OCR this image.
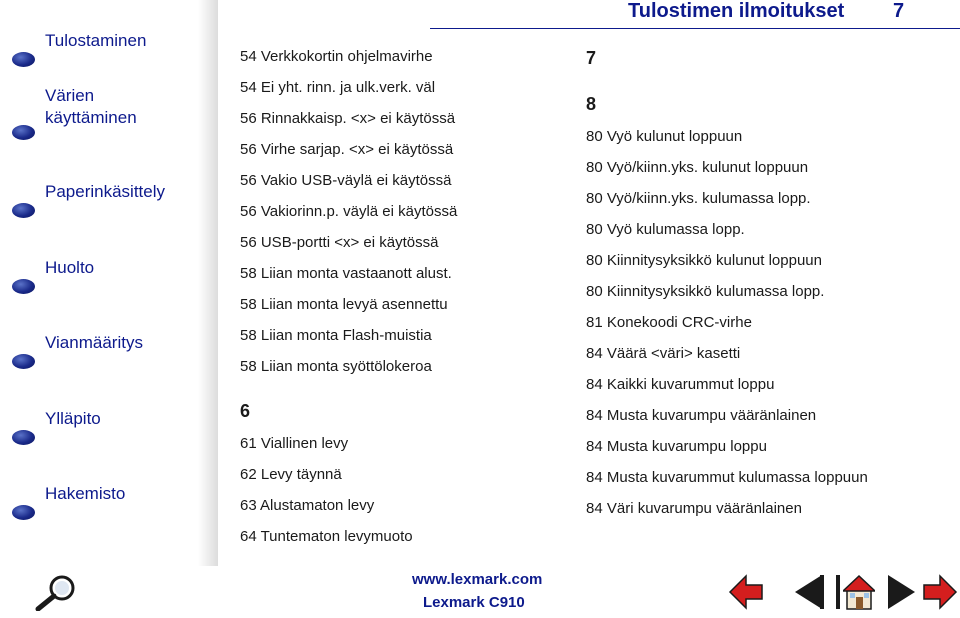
Tulostaminen
Värien
käyttäminen
Paperinkäsittely
Huolto
Vianmääritys
Ylläpito
Hakemisto
Tulostimen ilmoitukset 7
54 Verkkokortin ohjelmavirhe
54 Ei yht. rinn. ja ulk.verk. väl
56 Rinnakkaisp. <x> ei käytössä
56 Virhe sarjap. <x> ei käytössä
56 Vakio USB-väylä ei käytössä
56 Vakiorinn.p. väylä ei käytössä
56 USB-portti <x> ei käytössä
58 Liian monta vastaanott alust.
58 Liian monta levyä asennettu
58 Liian monta Flash-muistia
58 Liian monta syöttölokeroa
6
61 Viallinen levy
62 Levy täynnä
63 Alustamaton levy
64 Tuntematon levymuoto
7
8
80 Vyö kulunut loppuun
80 Vyö/kiinn.yks. kulunut loppuun
80 Vyö/kiinn.yks. kulumassa lopp.
80 Vyö kulumassa lopp.
80 Kiinnitysyksikkö kulunut loppuun
80 Kiinnitysyksikkö kulumassa lopp.
81 Konekoodi CRC-virhe
84 Väärä <väri> kasetti
84 Kaikki kuvarummut loppu
84 Musta kuvarumpu vääränlainen
84 Musta kuvarumpu loppu
84 Musta kuvarummut kulumassa loppuun
84 Väri kuvarumpu vääränlainen
www.lexmark.com
Lexmark C910
